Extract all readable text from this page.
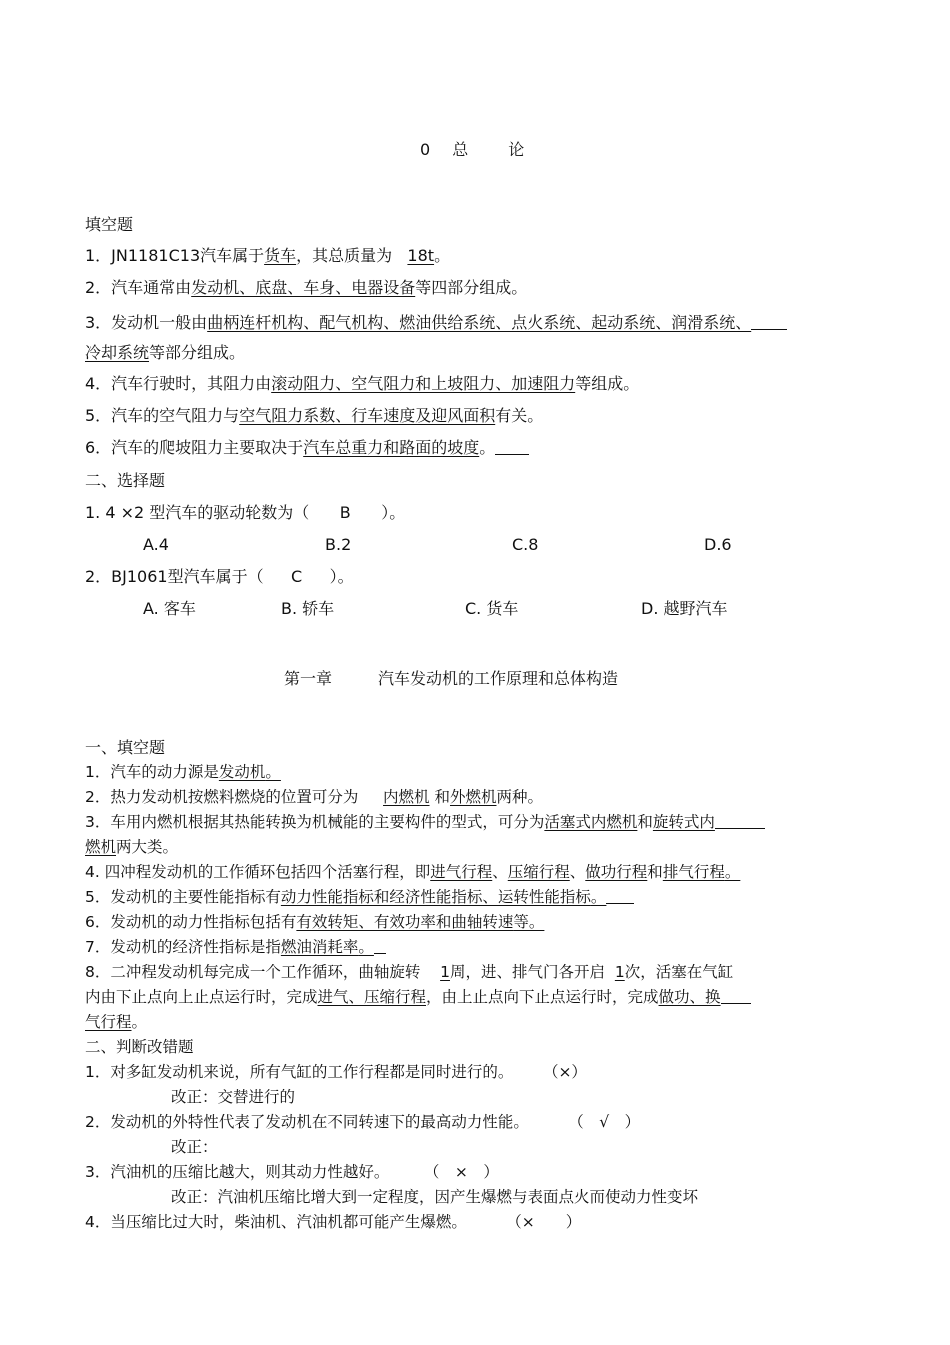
0 总	论
填空题
1．JN1181C13汽车属于货车，其总质量为 18t。
2．汽车通常由发动机、底盘、车身、电器设备等四部分组成。
3．发动机一般由曲柄连杆机构、配气机构、燃油供给系统、点火系统、起动系统、润滑系统、
冷却系统等部分组成。
4．汽车行驶时，其阻力由滚动阻力、空气阻力和上坡阻力、加速阻力等组成。
5．汽车的空气阻力与空气阻力系数、行车速度及迎风面积有关。
6．汽车的爬坡阻力主要取决于汽车总重力和路面的坡度。
二、选择题
1. 4 ×2 型汽车的驱动轮数为（ B ）。
A.4	B.2	C.8	D.6
2．BJ1061型汽车属于（ C ）。
A. 客车	B. 轿车	C. 货车	D. 越野汽车
第一章	汽车发动机的工作原理和总体构造
一、填空题
1．汽车的动力源是发动机。
2．热力发动机按燃料燃烧的位置可分为 内燃机 和外燃机两种。
3．车用内燃机根据其热能转换为机械能的主要构件的型式，可分为活塞式内燃机和旋转式内
燃机两大类。
4. 四冲程发动机的工作循环包括四个活塞行程，即进气行程、压缩行程、做功行程和排气行程。
5．发动机的主要性能指标有动力性能指标和经济性能指标、运转性能指标。
6．发动机的动力性指标包括有有效转矩、有效功率和曲轴转速等。
7．发动机的经济性指标是指燃油消耗率。
8．二冲程发动机每完成一个工作循环，曲轴旋转 1周，进、排气门各开启 1次，活塞在气缸
内由下止点向上止点运行时，完成进气、压缩行程，由上止点向下止点运行时，完成做功、换
气行程。
二、判断改错题
1．对多缸发动机来说，所有气缸的工作行程都是同时进行的。 （×）
改正：交替进行的
2．发动机的外特性代表了发动机在不同转速下的最高动力性能。	（　√　）
改正：
3．汽油机的压缩比越大，则其动力性越好。 （　×　）
改正：汽油机压缩比增大到一定程度，因产生爆燃与表面点火而使动力性变坏
4．当压缩比过大时，柴油机、汽油机都可能产生爆燃。	（×　　）
